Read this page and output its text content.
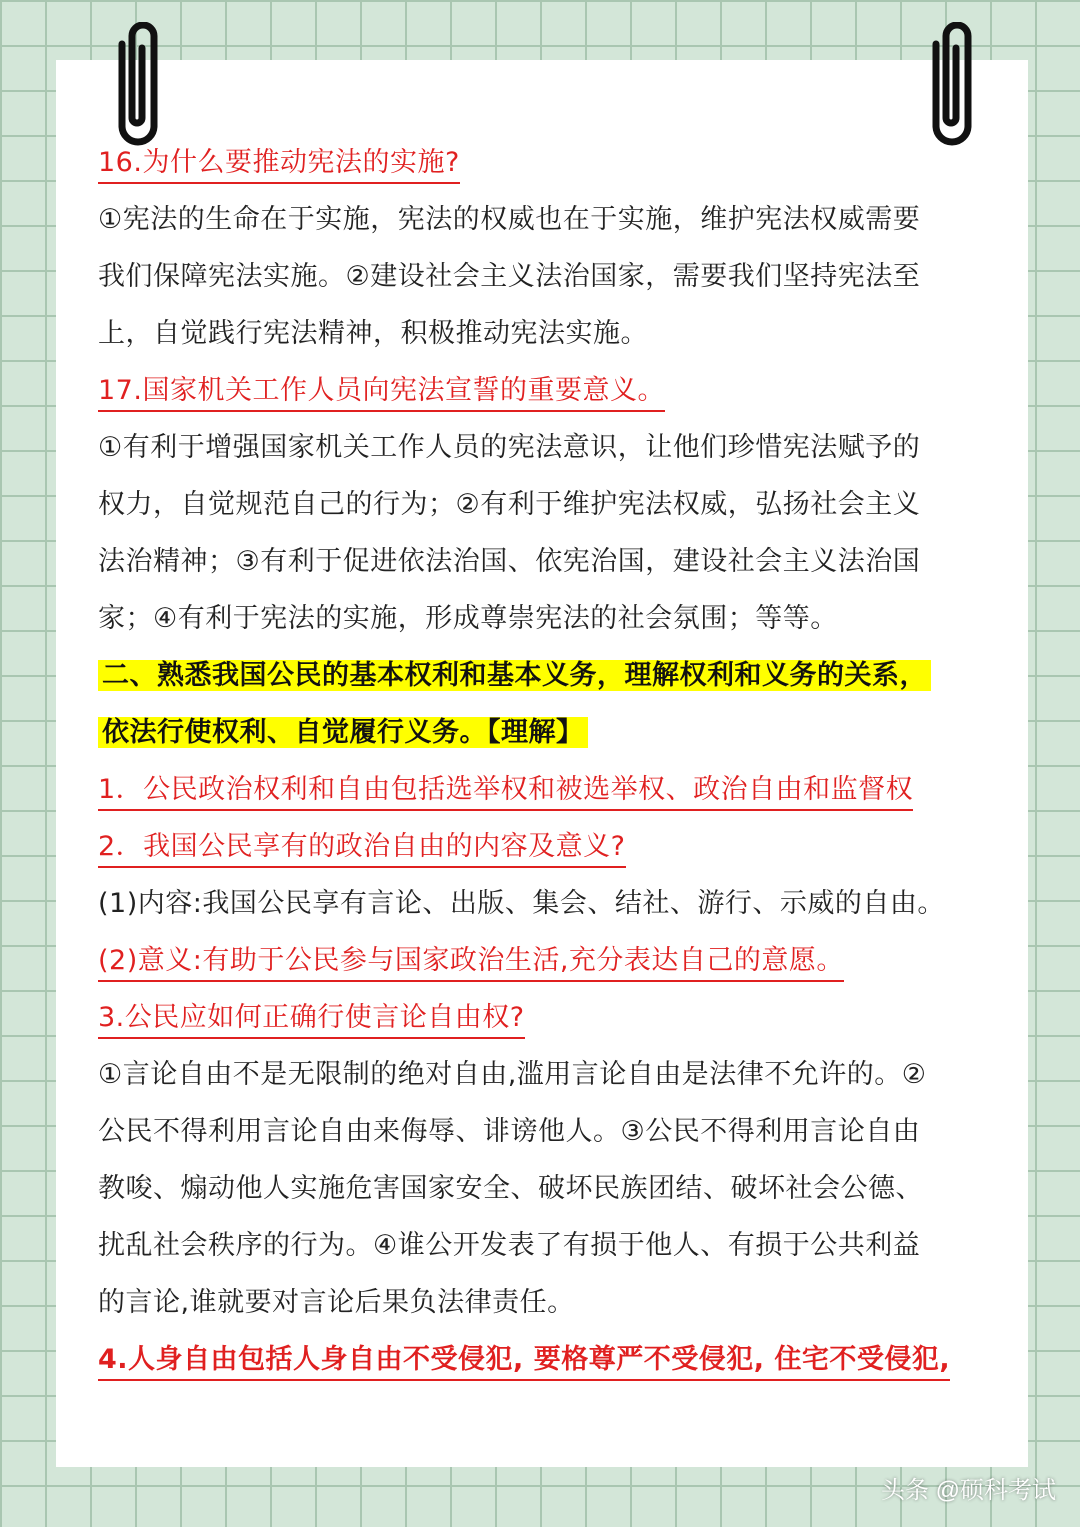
16.为什么要推动宪法的实施?
①宪法的生命在于实施，宪法的权威也在于实施，维护宪法权威需要
我们保障宪法实施。②建设社会主义法治国家，需要我们坚持宪法至
上，自觉践行宪法精神，积极推动宪法实施。
17.国家机关工作人员向宪法宣誓的重要意义。
①有利于增强国家机关工作人员的宪法意识，让他们珍惜宪法赋予的
权力，自觉规范自己的行为；②有利于维护宪法权威，弘扬社会主义
法治精神；③有利于促进依法治国、依宪治国，建设社会主义法治国
家；④有利于宪法的实施，形成尊崇宪法的社会氛围；等等。
二、熟悉我国公民的基本权利和基本义务，理解权利和义务的关系，
依法行使权利、自觉履行义务。【理解】
1．公民政治权利和自由包括选举权和被选举权、政治自由和监督权
2．我国公民享有的政治自由的内容及意义?
(1)内容:我国公民享有言论、出版、集会、结社、游行、示威的自由。
(2)意义:有助于公民参与国家政治生活,充分表达自己的意愿。
3.公民应如何正确行使言论自由权?
①言论自由不是无限制的绝对自由,滥用言论自由是法律不允许的。②
公民不得利用言论自由来侮辱、诽谤他人。③公民不得利用言论自由
教唆、煽动他人实施危害国家安全、破坏民族团结、破坏社会公德、
扰乱社会秩序的行为。④谁公开发表了有损于他人、有损于公共利益
的言论,谁就要对言论后果负法律责任。
4.人身自由包括人身自由不受侵犯, 要格尊严不受侵犯, 住宅不受侵犯,
头条 @硕科考试
